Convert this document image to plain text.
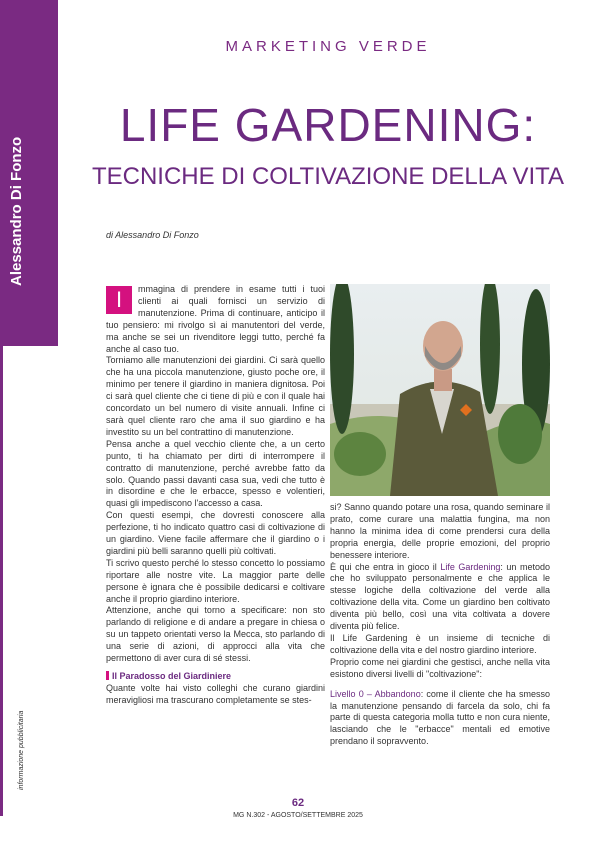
Alessandro Di Fonzo
MARKETING VERDE
LIFE GARDENING:
TECNICHE DI COLTIVAZIONE DELLA VITA
di Alessandro Di Fonzo

I	mmagina di prendere in esame tutti i tuoi clienti ai quali fornisci un servizio di manutenzione. Prima di continuare, anticipo il tuo pensiero: mi rivolgo sì ai manutentori del verde, ma anche se sei un rivenditore leggi tutto, perché fa anche al caso tuo.

Torniamo alle manutenzioni dei giardini. Ci sarà quello che ha una piccola manutenzione, giusto poche ore, il minimo per tenere il giardino in maniera dignitosa. Poi ci sarà quel cliente che ci tiene di più e con il quale hai concordato un bel numero di visite annuali. Infine ci sarà quel cliente raro che ama il suo giardino e ha investito su un bel contrattino di manutenzione.

Pensa anche a quel vecchio cliente che, a un certo punto, ti ha chiamato per dirti di interrompere il contratto di manutenzione, perché avrebbe fatto da solo. Quando passi davanti casa sua, vedi che tutto è in disordine e che le erbacce, spesso e volentieri, quasi gli impediscono l'accesso a casa.

Con questi esempi, che dovresti conoscere alla perfezione, ti ho indicato quattro casi di coltivazione di un giardino. Viene facile affermare che il giardino o i giardini più belli saranno quelli più coltivati.

Ti scrivo questo perché lo stesso concetto lo possiamo riportare alle nostre vite. La maggior parte delle persone è ignara che è possibile dedicarsi e coltivare anche il proprio giardino interiore.

Attenzione, anche qui torno a specificare: non sto parlando di religione e di andare a pregare in chiesa o su un tappeto orientati verso la Mecca, sto parlando di una serie di azioni, di approcci alla vita che permettono di aver cura di sé stessi.

Il Paradosso del Giardiniere

Quante volte hai visto colleghi che curano giardini meravigliosi ma trascurano completamente se stes-

si? Sanno quando potare una rosa, quando seminare il prato, come curare una malattia fungina, ma non hanno la minima idea di come prendersi cura della propria energia, delle proprie emozioni, del proprio benessere interiore.

È qui che entra in gioco il Life Gardening: un metodo che ho sviluppato personalmente e che applica le stesse logiche della coltivazione del verde alla coltivazione della vita. Come un giardino ben coltivato diventa più bello, così una vita coltivata a dovere diventa più felice.

Il Life Gardening è un insieme di tecniche di coltivazione della vita e del nostro giardino interiore.

Proprio come nei giardini che gestisci, anche nella vita esistono diversi livelli di "coltivazione":

Livello 0 – Abbandono: come il cliente che ha smesso la manutenzione pensando di farcela da solo, chi fa parte di questa categoria molla tutto e non cura niente, lasciando che le "erbacce" mentali ed emotive prendano il sopravvento.

informazione pubblicitaria
62
MG N.302 - AGOSTO/SETTEMBRE 2025
